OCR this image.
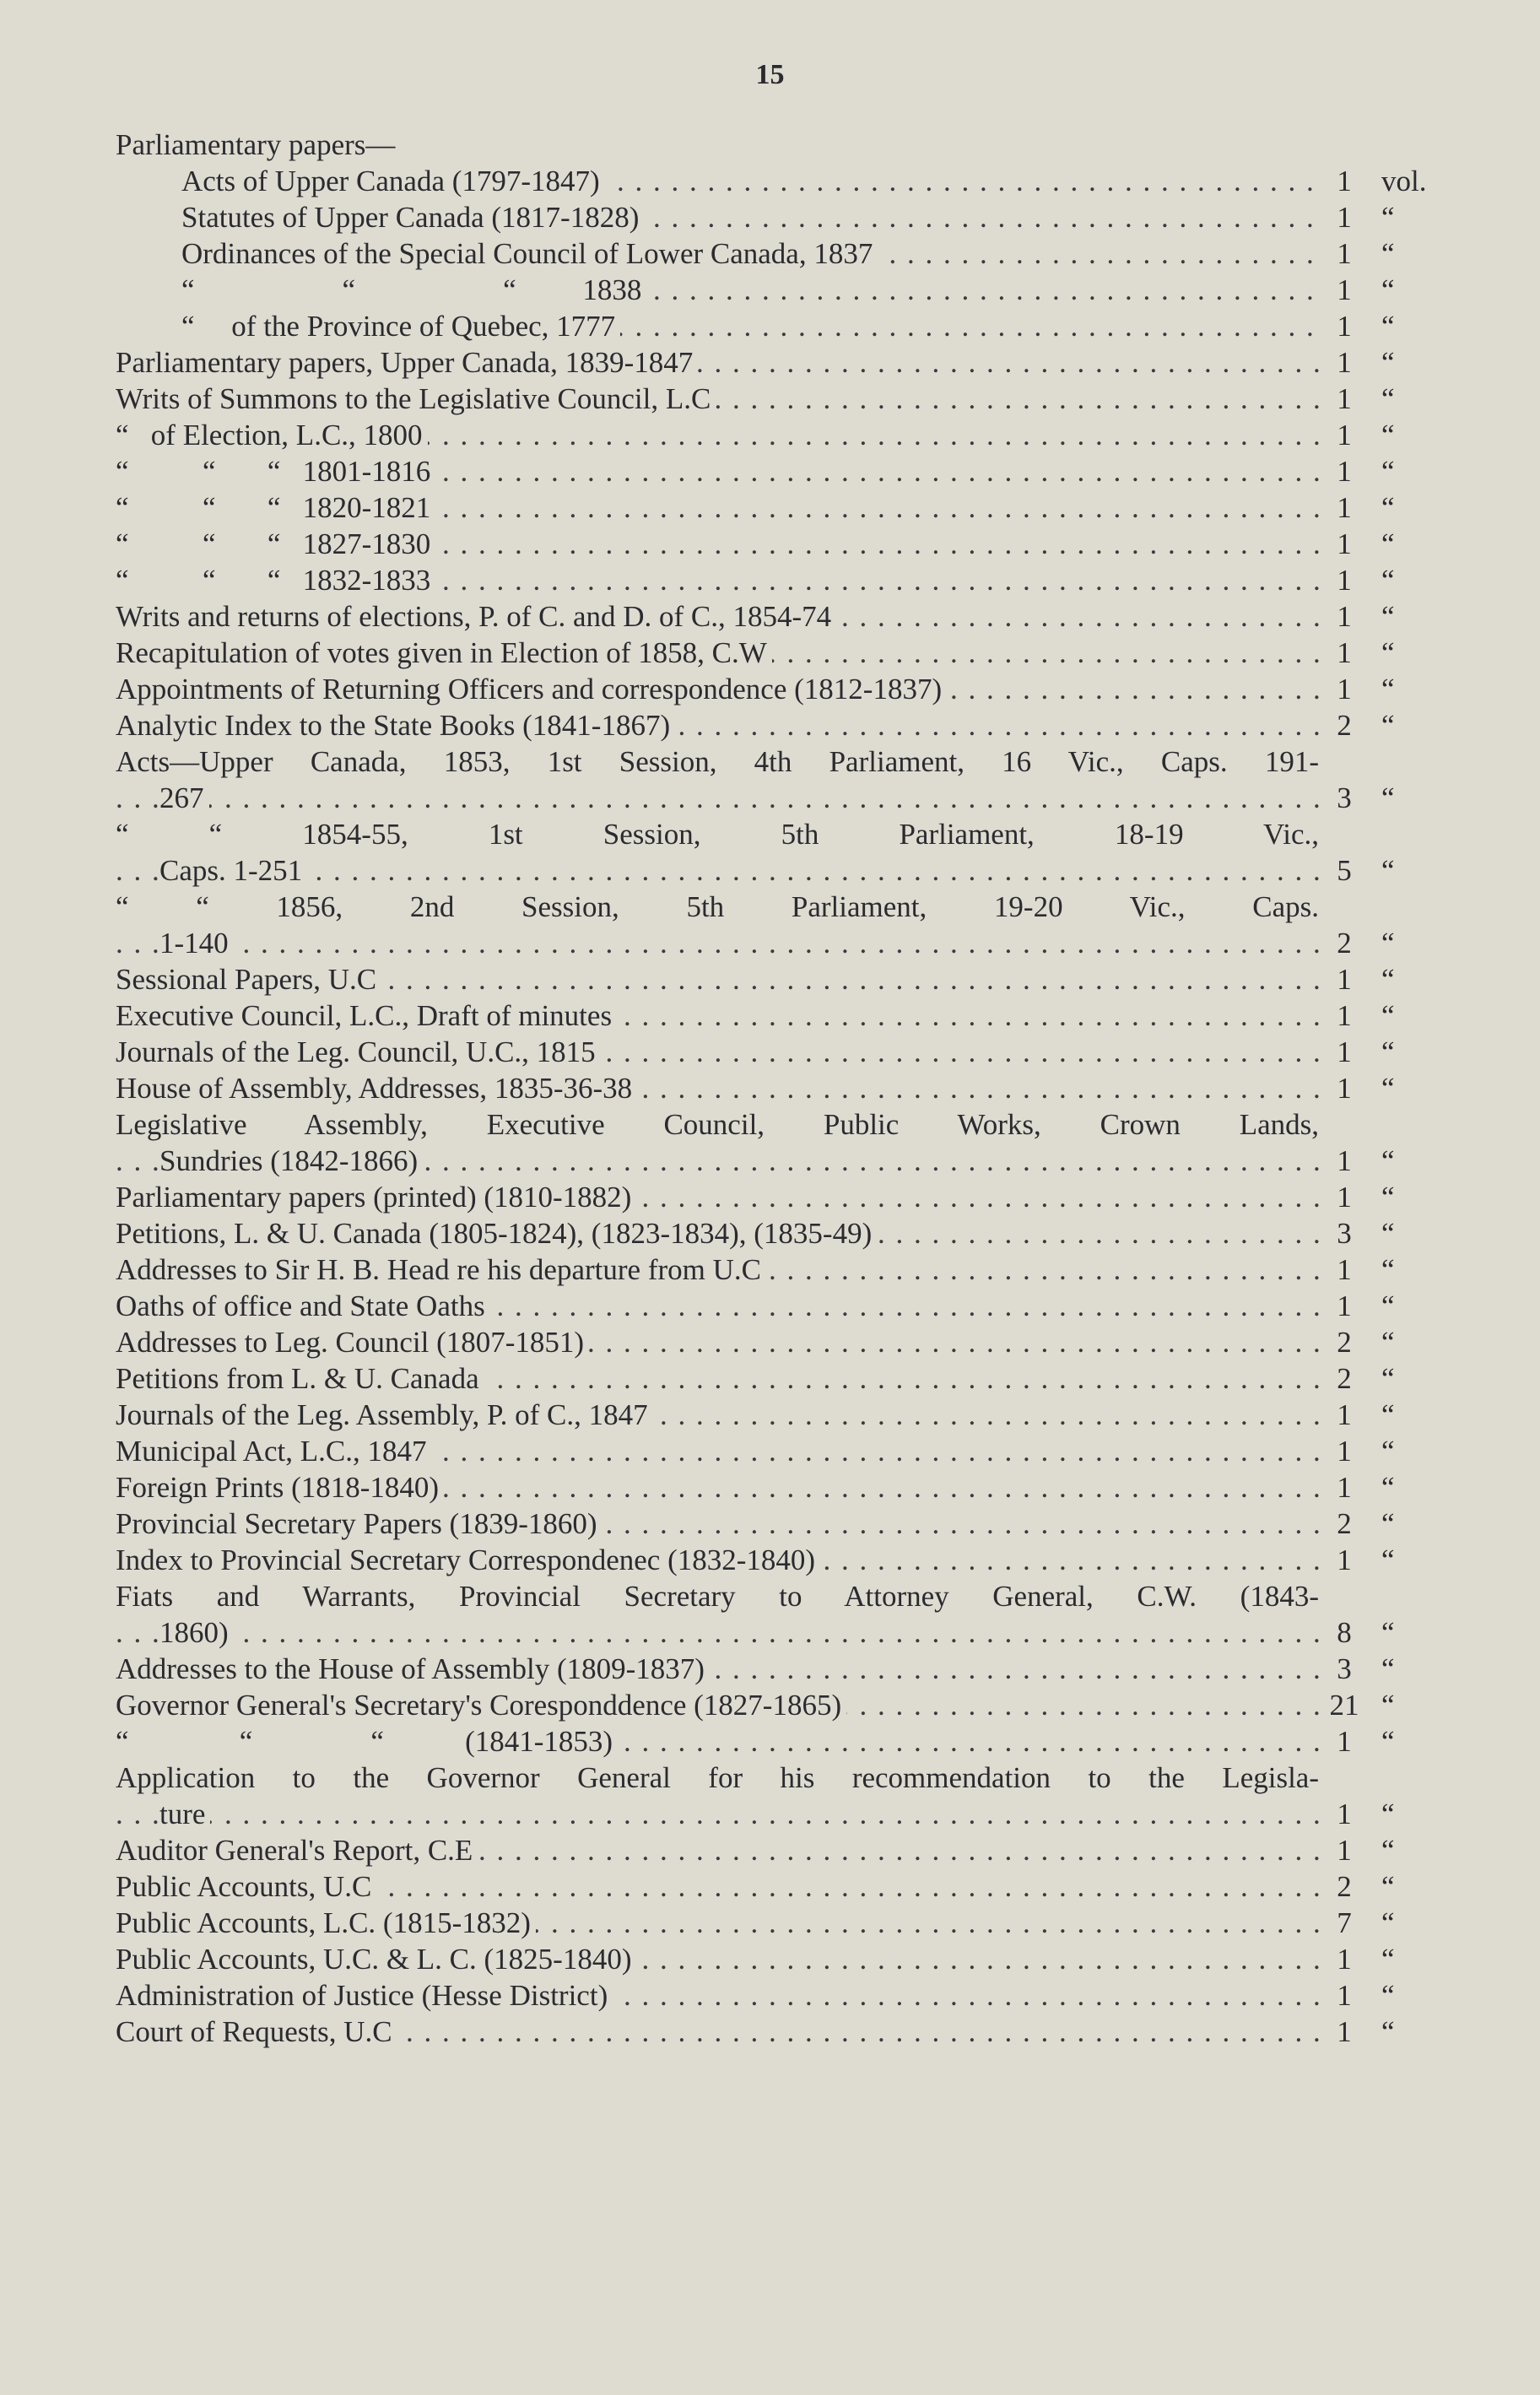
15
Parliamentary papers—
Acts of Upper Canada (1797-1847) . . .	1	vol.
Statutes of Upper Canada (1817-1828) . . .	1	“
Ordinances of the Special Council of Lower Canada, 1837 . . .	1	“
“                    “                    “         1838 . . .	1	“
“     of the Province of Quebec, 1777 . . .	1	“
Parliamentary papers, Upper Canada, 1839-1847 . . .	1	“
Writs of Summons to the Legislative Council, L.C . . .	1	“
“   of Election, L.C., 1800 . . .	1	“
“          “       “   1801-1816 . . .	1	“
“          “       “   1820-1821 . . .	1	“
“          “       “   1827-1830 . . .	1	“
“          “       “   1832-1833 . . .	1	“
Writs and returns of elections, P. of C. and D. of C., 1854-74 . . .	1	“
Recapitulation of votes given in Election of 1858, C.W . . .	1	“
Appointments of Returning Officers and correspondence (1812-1837) . . .	1	“
Analytic Index to the State Books (1841-1867) . . .	2	“
Acts—Upper Canada, 1853, 1st Session, 4th Parliament, 16 Vic., Caps. 191-
267 . . .	3	“
“ “ 1854-55, 1st Session, 5th Parliament, 18-19 Vic.,
Caps. 1-251 . . .	5	“
“ “ 1856, 2nd Session, 5th Parliament, 19-20 Vic., Caps.
1-140 . . .	2	“
Sessional Papers, U.C . . .	1	“
Executive Council, L.C., Draft of minutes . . .	1	“
Journals of the Leg. Council, U.C., 1815 . . .	1	“
House of Assembly, Addresses, 1835-36-38 . . .	1	“
Legislative Assembly, Executive Council, Public Works, Crown Lands,
Sundries (1842-1866) . . .	1	“
Parliamentary papers (printed) (1810-1882) . . .	1	“
Petitions, L. & U. Canada (1805-1824), (1823-1834), (1835-49) . . .	3	“
Addresses to Sir H. B. Head re his departure from U.C . . .	1	“
Oaths of office and State Oaths . . .	1	“
Addresses to Leg. Council (1807-1851) . . .	2	“
Petitions from L. & U. Canada . . .	2	“
Journals of the Leg. Assembly, P. of C., 1847 . . .	1	“
Municipal Act, L.C., 1847 . . .	1	“
Foreign Prints (1818-1840) . . .	1	“
Provincial Secretary Papers (1839-1860) . . .	2	“
Index to Provincial Secretary Correspondenec (1832-1840) . . .	1	“
Fiats and Warrants, Provincial Secretary to Attorney General, C.W. (1843-
1860) . . .	8	“
Addresses to the House of Assembly (1809-1837) . . .	3	“
Governor General's Secretary's Coresponddence (1827-1865) . . .	21 “
“               “                “           (1841-1853) . . .	1	“
Application to the Governor General for his recommendation to the Legisla-
ture . . .	1	“
Auditor General's Report, C.E . . .	1	“
Public Accounts, U.C . . .	2	“
Public Accounts, L.C. (1815-1832) . . .	7	“
Public Accounts, U.C. & L. C. (1825-1840) . . .	1	“
Administration of Justice (Hesse District) . . .	1	“
Court of Requests, U.C . . .	1	“
